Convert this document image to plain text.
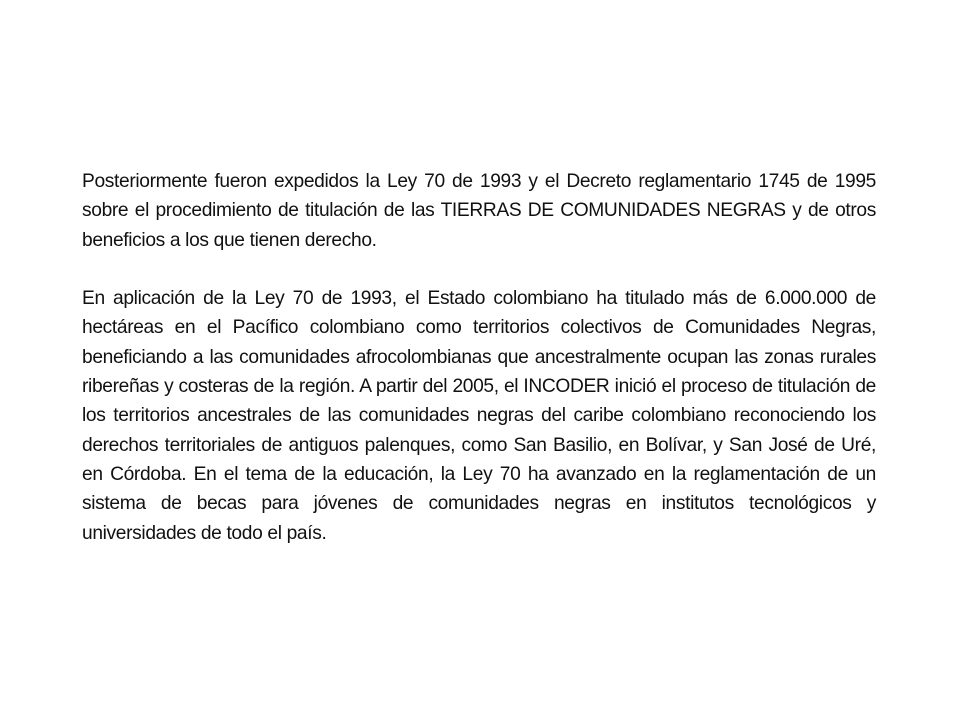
Posteriormente fueron expedidos la Ley 70 de 1993 y el Decreto reglamentario 1745 de 1995 sobre el procedimiento de titulación de las TIERRAS DE COMUNIDADES NEGRAS y de otros beneficios a los que tienen derecho.

En aplicación de la Ley 70 de 1993, el Estado colombiano ha titulado más de 6.000.000 de hectáreas en el Pacífico colombiano como territorios colectivos de Comunidades Negras, beneficiando a las comunidades afrocolombianas que ancestralmente ocupan las zonas rurales ribereñas y costeras de la región. A partir del 2005, el INCODER inició el proceso de titulación de los territorios ancestrales de las comunidades negras del caribe colombiano reconociendo los derechos territoriales de antiguos palenques, como San Basilio, en Bolívar, y San José de Uré, en Córdoba. En el tema de la educación, la Ley 70 ha avanzado en la reglamentación de un sistema de becas para jóvenes de comunidades negras en institutos tecnológicos y universidades de todo el país.
